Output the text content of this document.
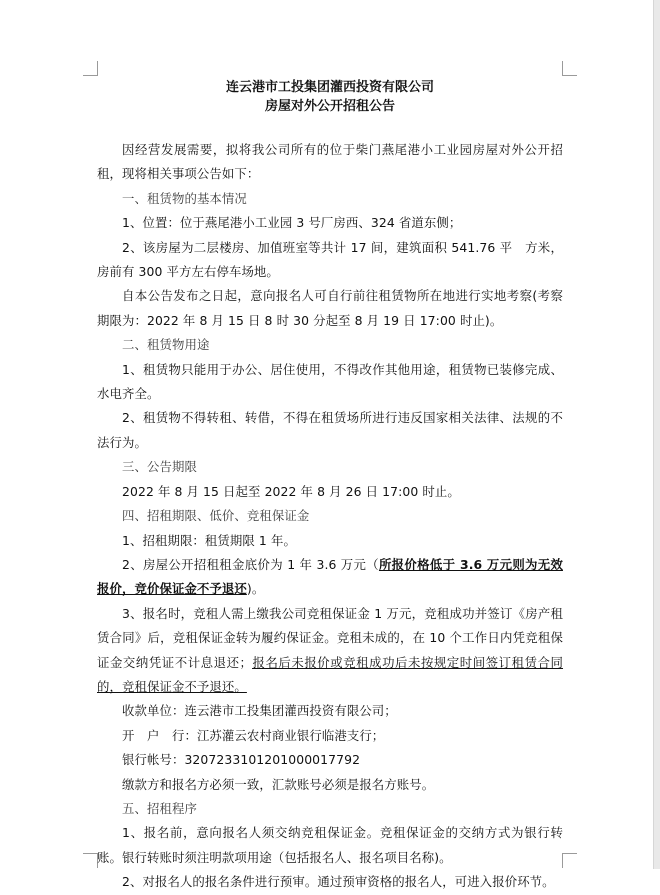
连云港市工投集团灌西投资有限公司

房屋对外公开招租公告

因经营发展需要，拟将我公司所有的位于柴门燕尾港小工业园房屋对外公开招租，现将相关事项公告如下：

一、租赁物的基本情况

1、位置：位于燕尾港小工业园 3 号厂房西、324 省道东侧；

2、该房屋为二层楼房、加值班室等共计 17 间，建筑面积 541.76 平　方米，房前有 300 平方左右停车场地。

自本公告发布之日起，意向报名人可自行前往租赁物所在地进行实地考察(考察期限为：2022 年 8 月 15 日 8 时 30 分起至 8 月 19 日 17:00 时止)。

二、租赁物用途

1、租赁物只能用于办公、居住使用，不得改作其他用途，租赁物已装修完成、水电齐全。

2、租赁物不得转租、转借，不得在租赁场所进行违反国家相关法律、法规的不法行为。

三、公告期限

2022 年 8 月 15 日起至 2022 年 8 月 26 日 17:00 时止。

四、招租期限、低价、竞租保证金

1、招租期限：租赁期限 1 年。

2、房屋公开招租租金底价为 1 年 3.6 万元（所报价格低于 3.6 万元则为无效报价，竞价保证金不予退还)。

3、报名时，竞租人需上缴我公司竞租保证金 1 万元，竞租成功并签订《房产租赁合同》后，竞租保证金转为履约保证金。竞租未成的，在 10 个工作日内凭竞租保证金交纳凭证不计息退还；报名后未报价或竞租成功后未按规定时间签订租赁合同的，竞租保证金不予退还。

收款单位：连云港市工投集团灌西投资有限公司；

开　户　行：江苏灌云农村商业银行临港支行；

银行帐号：3207233101201000017792

缴款方和报名方必须一致，汇款账号必须是报名方账号。

五、招租程序

1、报名前，意向报名人须交纳竞租保证金。竞租保证金的交纳方式为银行转账。银行转账时须注明款项用途（包括报名人、报名项目名称)。

2、对报名人的报名条件进行预审。通过预审资格的报名人，可进入报价环节。
